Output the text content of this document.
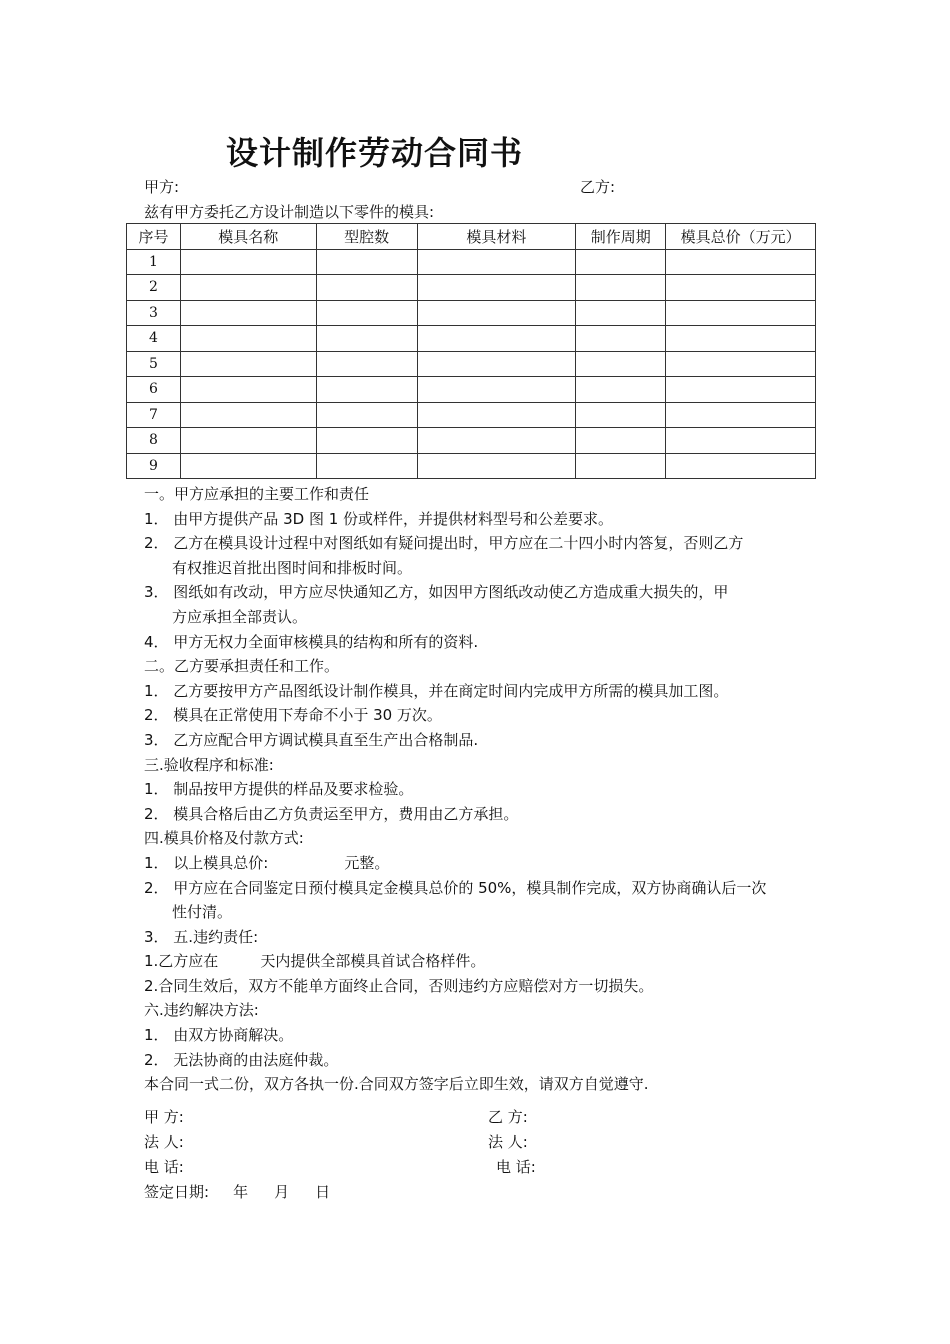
设计制作劳动合同书
甲方:	乙方:
兹有甲方委托乙方设计制造以下零件的模具:
序号	模具名称	型腔数	模具材料	制作周期	模具总价（万元）
1					
2					
3					
4					
5					
6					
7					
8					
9					

一。甲方应承担的主要工作和责任

1． 由甲方提供产品 3D 图 1 份或样件，并提供材料型号和公差要求。

2． 乙方在模具设计过程中对图纸如有疑问提出时，甲方应在二十四小时内答复，否则乙方

有权推迟首批出图时间和排板时间。

3． 图纸如有改动，甲方应尽快通知乙方，如因甲方图纸改动使乙方造成重大损失的，甲

方应承担全部责认。

4． 甲方无权力全面审核模具的结构和所有的资料.

二。乙方要承担责任和工作。

1． 乙方要按甲方产品图纸设计制作模具，并在商定时间内完成甲方所需的模具加工图。

2． 模具在正常使用下寿命不小于 30 万次。

3． 乙方应配合甲方调试模具直至生产出合格制品.

三.验收程序和标准:

1． 制品按甲方提供的样品及要求检验。

2． 模具合格后由乙方负责运至甲方，费用由乙方承担。

四.模具价格及付款方式:

1． 以上模具总价:	元整。

2． 甲方应在合同鉴定日预付模具定金模具总价的 50%，模具制作完成，双方协商确认后一次

性付清。

3． 五.违约责任:

1.乙方应在	天内提供全部模具首试合格样件。

2.合同生效后，双方不能单方面终止合同，否则违约方应赔偿对方一切损失。

六.违约解决方法:

1． 由双方协商解决。

2． 无法协商的由法庭仲裁。

本合同一式二份，双方各执一份.合同双方签字后立即生效，请双方自觉遵守.

甲 方:	乙 方:
法 人:	法 人:
电 话:	电 话:
签定日期: 年 月 日
